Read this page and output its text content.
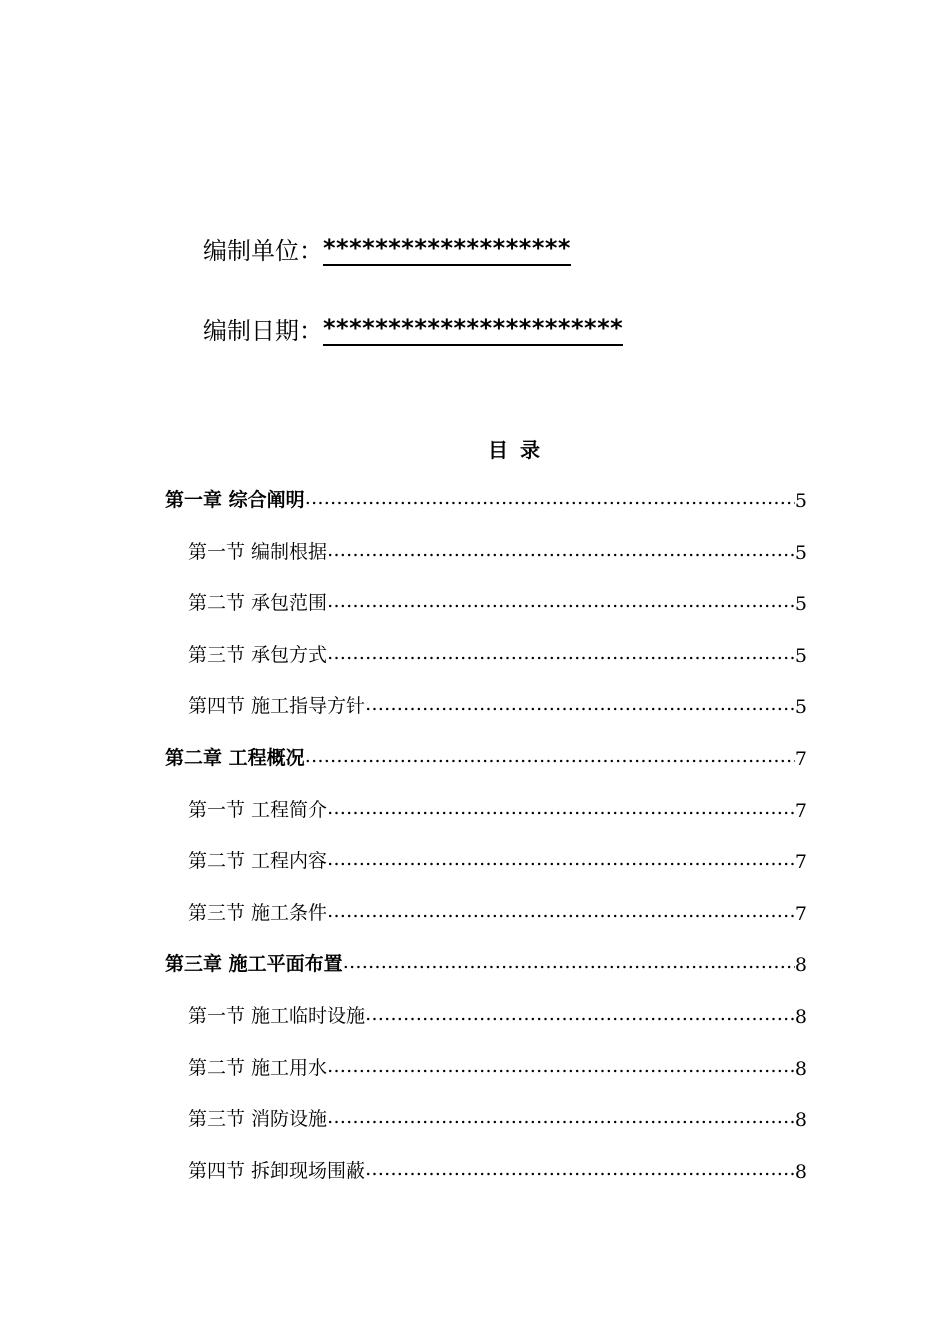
编制单位： *******************
编制日期： ***********************
目录
第一章 综合阐明 …………………………………………………………………………………………………………………………	5
第一节 编制根据 …………………………………………………………………………………………………………………………	5
第二节 承包范围 …………………………………………………………………………………………………………………………	5
第三节 承包方式 …………………………………………………………………………………………………………………………	5
第四节 施工指导方针 …………………………………………………………………………………………………………………………	5
第二章 工程概况 …………………………………………………………………………………………………………………………	7
第一节 工程简介 …………………………………………………………………………………………………………………………	7
第二节 工程内容 …………………………………………………………………………………………………………………………	7
第三节 施工条件 …………………………………………………………………………………………………………………………	7
第三章 施工平面布置 …………………………………………………………………………………………………………………………	8
第一节 施工临时设施 …………………………………………………………………………………………………………………………	8
第二节 施工用水 …………………………………………………………………………………………………………………………	8
第三节 消防设施 …………………………………………………………………………………………………………………………	8
第四节 拆卸现场围蔽 …………………………………………………………………………………………………………………………	8
